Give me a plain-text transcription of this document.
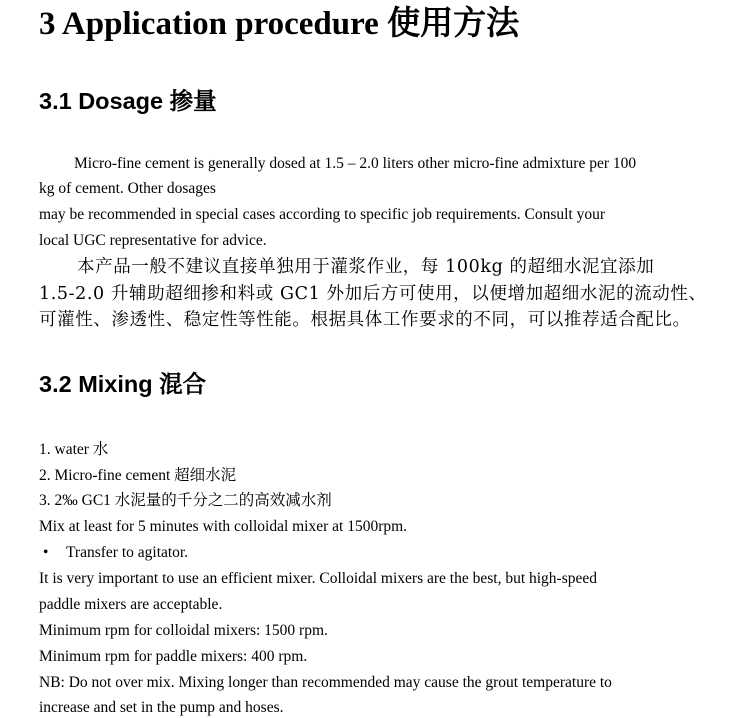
3 Application procedure 使用方法
3.1 Dosage 掺量

Micro-fine cement is generally dosed at 1.5 – 2.0 liters other micro-fine admixture per 100

kg of cement. Other dosages

may be recommended in special cases according to specific job requirements. Consult your

local UGC representative for advice.

本产品一般不建议直接单独用于灌浆作业，每 100kg 的超细水泥宜添加

1.5-2.0 升辅助超细掺和料或 GC1 外加后方可使用，以便增加超细水泥的流动性、

可灌性、渗透性、稳定性等性能。根据具体工作要求的不同，可以推荐适合配比。

3.2 Mixing 混合

1. water 水

2. Micro-fine cement 超细水泥

3. 2‰ GC1 水泥量的千分之二的高效减水剂

Mix at least for 5 minutes with colloidal mixer at 1500rpm.

• Transfer to agitator.

It is very important to use an efficient mixer. Colloidal mixers are the best, but high-speed

paddle mixers are acceptable.

Minimum rpm for colloidal mixers: 1500 rpm.

Minimum rpm for paddle mixers: 400 rpm.

NB: Do not over mix. Mixing longer than recommended may cause the grout temperature to

increase and set in the pump and hoses.
